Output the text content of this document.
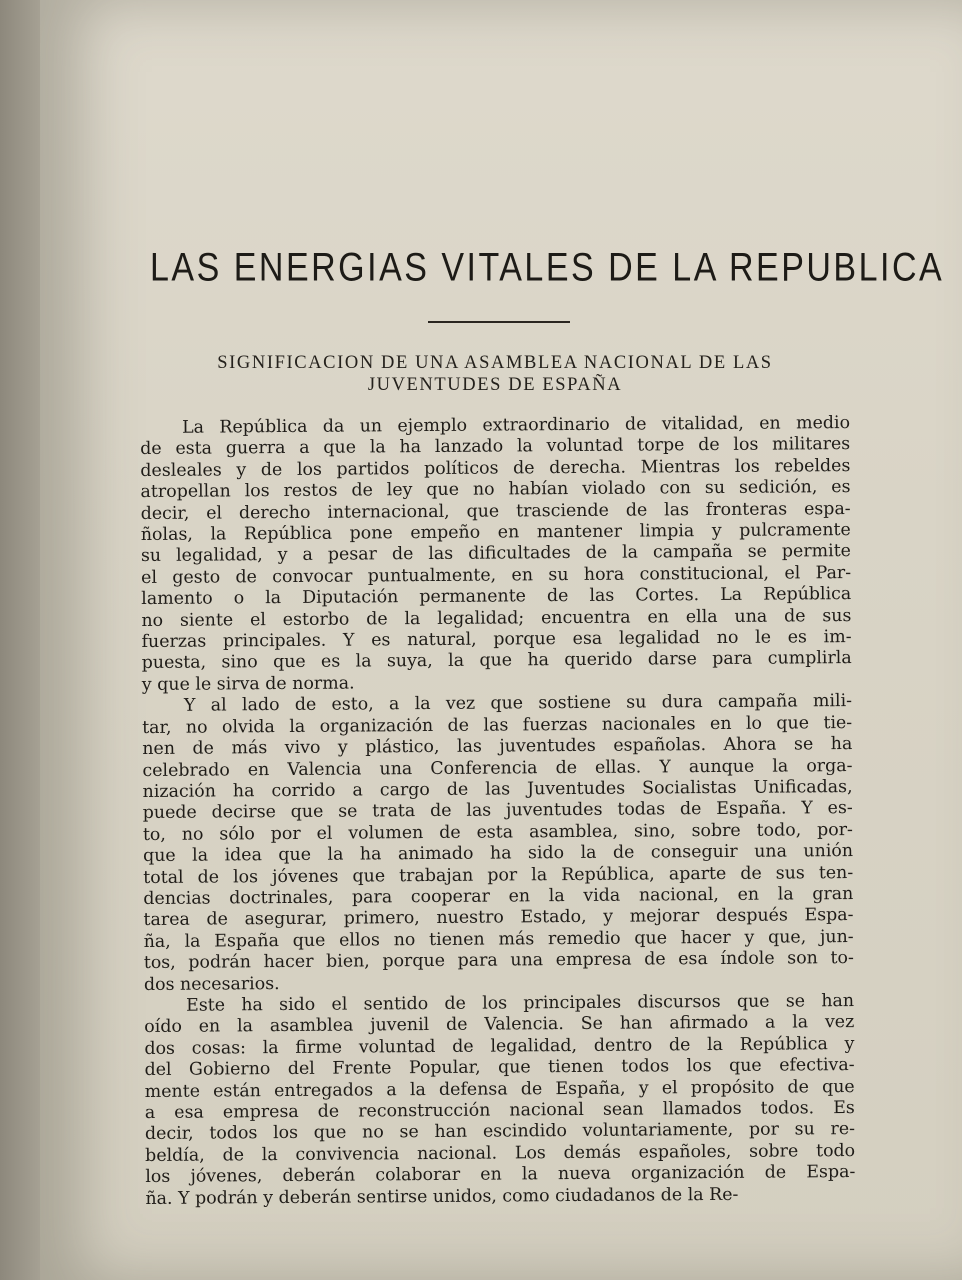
LAS ENERGIAS VITALES DE LA REPUBLICA
SIGNIFICACION DE UNA ASAMBLEA NACIONAL DE LAS
JUVENTUDES DE ESPAÑA
La República da un ejemplo extraordinario de vitalidad, en medio
de esta guerra a que la ha lanzado la voluntad torpe de los militares
desleales y de los partidos políticos de derecha. Mientras los rebeldes
atropellan los restos de ley que no habían violado con su sedición, es
decir, el derecho internacional, que trasciende de las fronteras espa-
ñolas, la República pone empeño en mantener limpia y pulcramente
su legalidad, y a pesar de las dificultades de la campaña se permite
el gesto de convocar puntualmente, en su hora constitucional, el Par-
lamento o la Diputación permanente de las Cortes. La República
no siente el estorbo de la legalidad; encuentra en ella una de sus
fuerzas principales. Y es natural, porque esa legalidad no le es im-
puesta, sino que es la suya, la que ha querido darse para cumplirla
y que le sirva de norma.
Y al lado de esto, a la vez que sostiene su dura campaña mili-
tar, no olvida la organización de las fuerzas nacionales en lo que tie-
nen de más vivo y plástico, las juventudes españolas. Ahora se ha
celebrado en Valencia una Conferencia de ellas. Y aunque la orga-
nización ha corrido a cargo de las Juventudes Socialistas Unificadas,
puede decirse que se trata de las juventudes todas de España. Y es-
to, no sólo por el volumen de esta asamblea, sino, sobre todo, por-
que la idea que la ha animado ha sido la de conseguir una unión
total de los jóvenes que trabajan por la República, aparte de sus ten-
dencias doctrinales, para cooperar en la vida nacional, en la gran
tarea de asegurar, primero, nuestro Estado, y mejorar después Espa-
ña, la España que ellos no tienen más remedio que hacer y que, jun-
tos, podrán hacer bien, porque para una empresa de esa índole son to-
dos necesarios.
Este ha sido el sentido de los principales discursos que se han
oído en la asamblea juvenil de Valencia. Se han afirmado a la vez
dos cosas: la firme voluntad de legalidad, dentro de la República y
del Gobierno del Frente Popular, que tienen todos los que efectiva-
mente están entregados a la defensa de España, y el propósito de que
a esa empresa de reconstrucción nacional sean llamados todos. Es
decir, todos los que no se han escindido voluntariamente, por su re-
beldía, de la convivencia nacional. Los demás españoles, sobre todo
los jóvenes, deberán colaborar en la nueva organización de Espa-
ña. Y podrán y deberán sentirse unidos, como ciudadanos de la Re-
